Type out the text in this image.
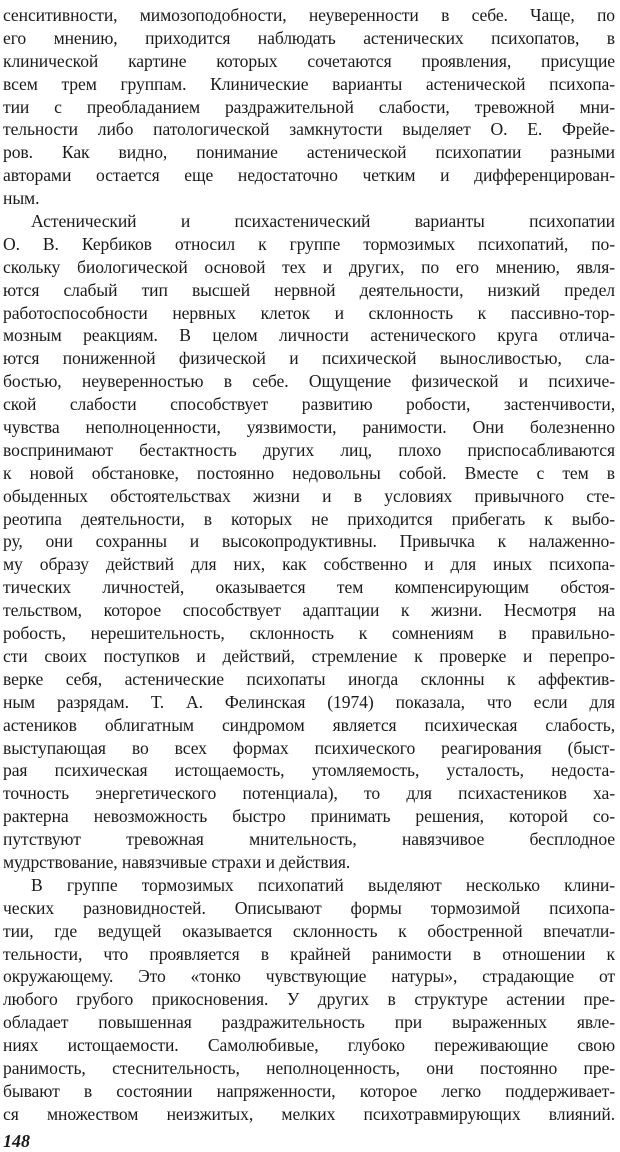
сенситивности, мимозоподобности, неуверенности в себе. Чаще, по
его мнению, приходится наблюдать астенических психопатов, в
клинической картине которых сочетаются проявления, присущие
всем трем группам. Клинические варианты астенической психопа-
тии с преобладанием раздражительной слабости, тревожной мни-
тельности либо патологической замкнутости выделяет О. Е. Фрейе-
ров. Как видно, понимание астенической психопатии разными
авторами остается еще недостаточно четким и дифференцирован-
ным.
Астенический и психастенический варианты психопатии
О. В. Кербиков относил к группе тормозимых психопатий, по-
скольку биологической основой тех и других, по его мнению, явля-
ются слабый тип высшей нервной деятельности, низкий предел
работоспособности нервных клеток и склонность к пассивно-тор-
мозным реакциям. В целом личности астенического круга отлича-
ются пониженной физической и психической выносливостью, сла-
бостью, неуверенностью в себе. Ощущение физической и психиче-
ской слабости способствует развитию робости, застенчивости,
чувства неполноценности, уязвимости, ранимости. Они болезненно
воспринимают бестактность других лиц, плохо приспосабливаются
к новой обстановке, постоянно недовольны собой. Вместе с тем в
обыденных обстоятельствах жизни и в условиях привычного сте-
реотипа деятельности, в которых не приходится прибегать к выбо-
ру, они сохранны и высокопродуктивны. Привычка к налаженно-
му образу действий для них, как собственно и для иных психопа-
тических личностей, оказывается тем компенсирующим обстоя-
тельством, которое способствует адаптации к жизни. Несмотря на
робость, нерешительность, склонность к сомнениям в правильно-
сти своих поступков и действий, стремление к проверке и перепро-
верке себя, астенические психопаты иногда склонны к аффектив-
ным разрядам. Т. А. Фелинская (1974) показала, что если для
астеников облигатным синдромом является психическая слабость,
выступающая во всех формах психического реагирования (быст-
рая психическая истощаемость, утомляемость, усталость, недоста-
точность энергетического потенциала), то для психастеников ха-
рактерна невозможность быстро принимать решения, которой со-
путствуют тревожная мнительность, навязчивое бесплодное
мудрствование, навязчивые страхи и действия.
В группе тормозимых психопатий выделяют несколько клини-
ческих разновидностей. Описывают формы тормозимой психопа-
тии, где ведущей оказывается склонность к обостренной впечатли-
тельности, что проявляется в крайней ранимости в отношении к
окружающему. Это «тонко чувствующие натуры», страдающие от
любого грубого прикосновения. У других в структуре астении пре-
обладает повышенная раздражительность при выраженных явле-
ниях истощаемости. Самолюбивые, глубоко переживающие свою
ранимость, стеснительность, неполноценность, они постоянно пре-
бывают в состоянии напряженности, которое легко поддерживает-
ся множеством неизжитых, мелких психотравмирующих влияний.
148
